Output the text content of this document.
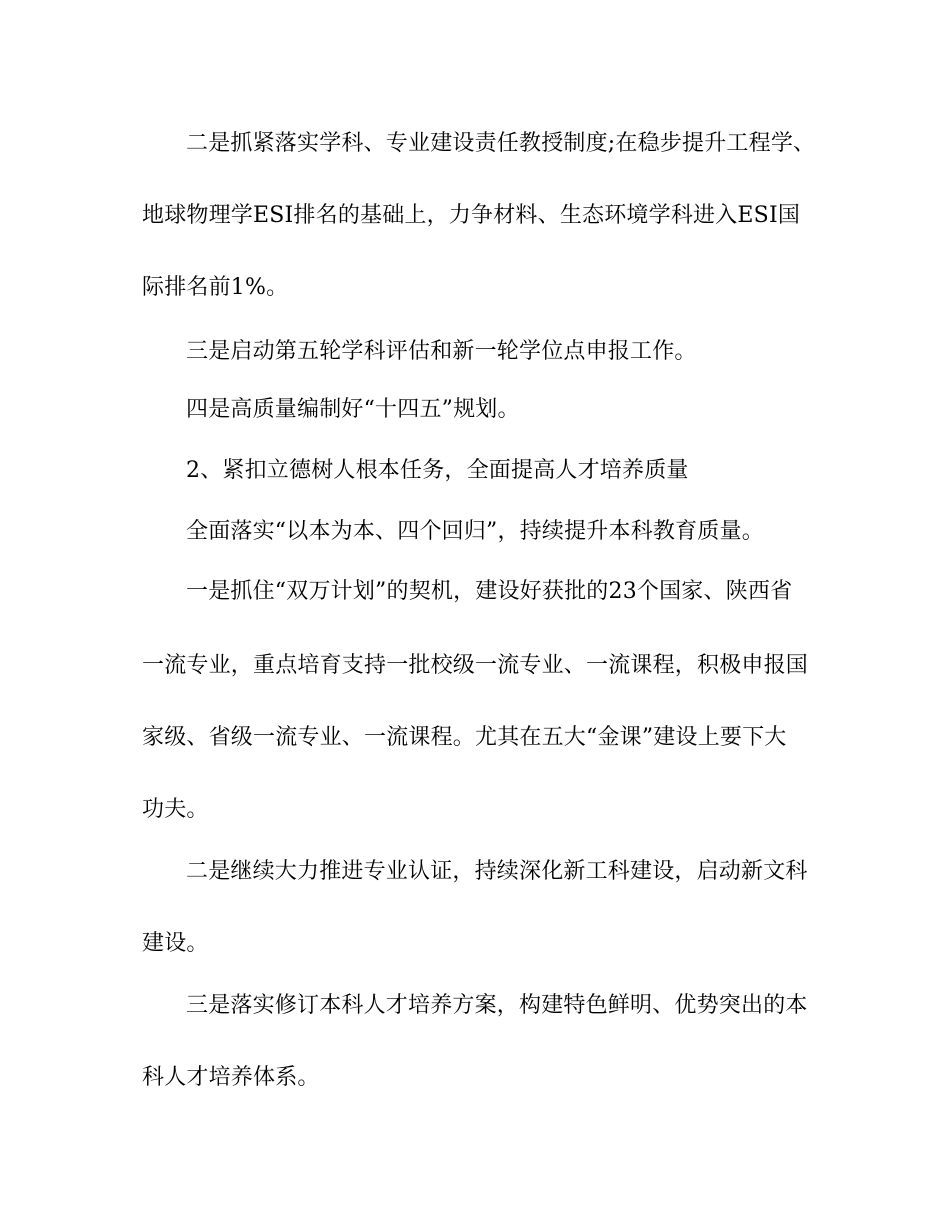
二是抓紧落实学科、专业建设责任教授制度;在稳步提升工程学、
地球物理学ESI排名的基础上，力争材料、生态环境学科进入ESI国
际排名前1%。
三是启动第五轮学科评估和新一轮学位点申报工作。
四是高质量编制好“十四五”规划。
2、紧扣立德树人根本任务，全面提高人才培养质量
全面落实“以本为本、四个回归”，持续提升本科教育质量。
一是抓住“双万计划”的契机，建设好获批的23个国家、陕西省
一流专业，重点培育支持一批校级一流专业、一流课程，积极申报国
家级、省级一流专业、一流课程。尤其在五大“金课”建设上要下大
功夫。
二是继续大力推进专业认证，持续深化新工科建设，启动新文科
建设。
三是落实修订本科人才培养方案，构建特色鲜明、优势突出的本
科人才培养体系。
